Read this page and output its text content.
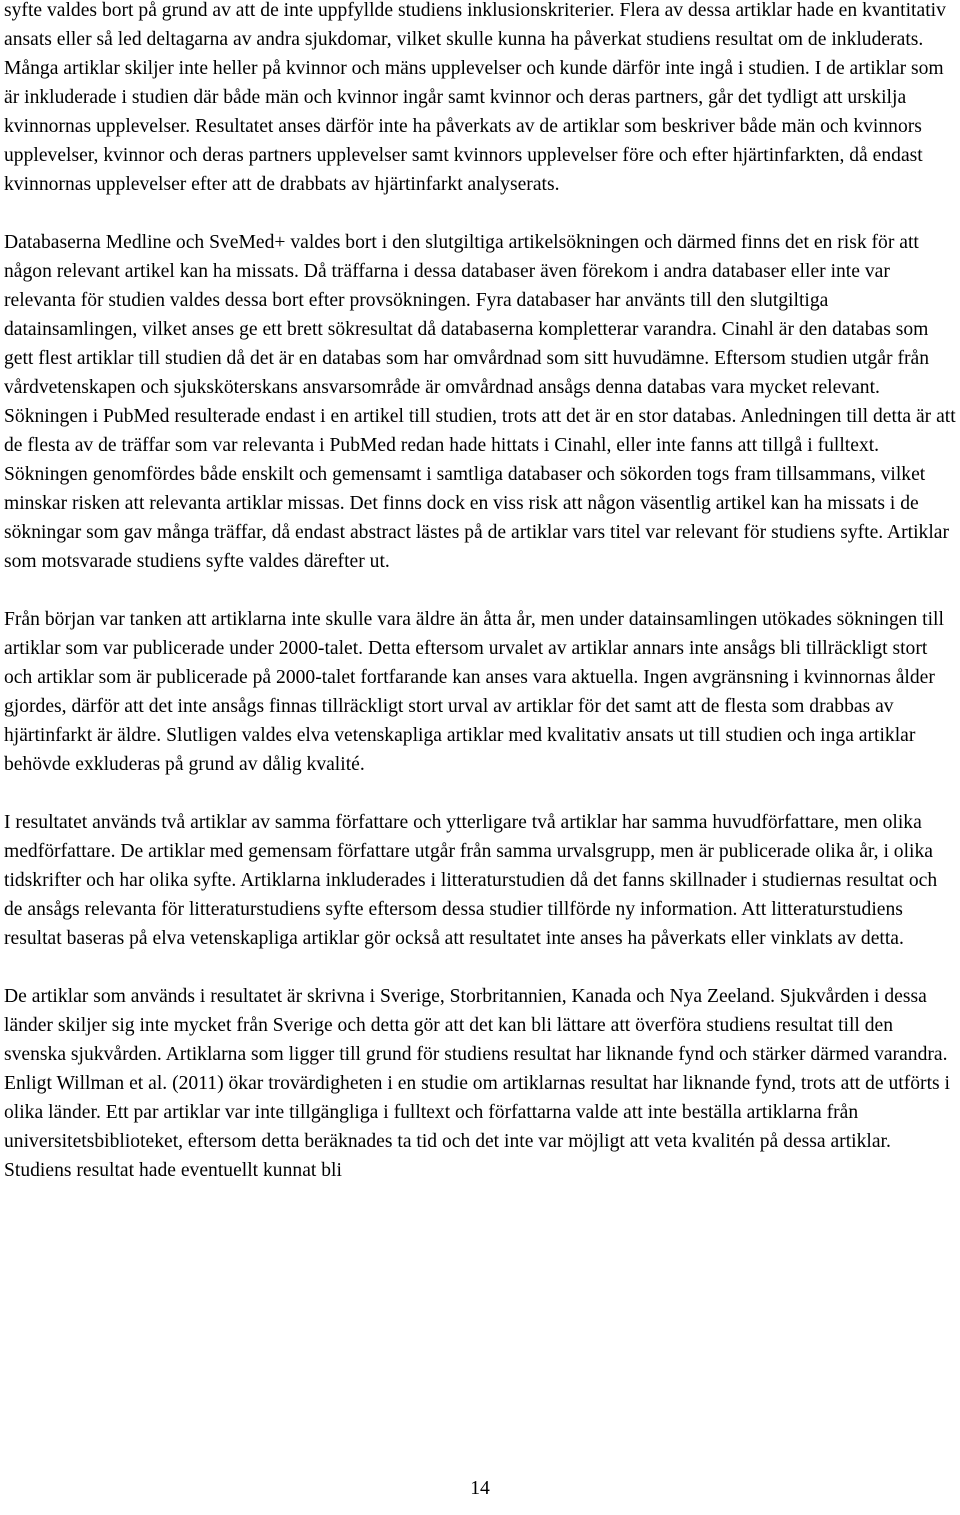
syfte valdes bort på grund av att de inte uppfyllde studiens inklusionskriterier. Flera av dessa artiklar hade en kvantitativ ansats eller så led deltagarna av andra sjukdomar, vilket skulle kunna ha påverkat studiens resultat om de inkluderats. Många artiklar skiljer inte heller på kvinnor och mäns upplevelser och kunde därför inte ingå i studien. I de artiklar som är inkluderade i studien där både män och kvinnor ingår samt kvinnor och deras partners, går det tydligt att urskilja kvinnornas upplevelser. Resultatet anses därför inte ha påverkats av de artiklar som beskriver både män och kvinnors upplevelser, kvinnor och deras partners upplevelser samt kvinnors upplevelser före och efter hjärtinfarkten, då endast kvinnornas upplevelser efter att de drabbats av hjärtinfarkt analyserats.

Databaserna Medline och SveMed+ valdes bort i den slutgiltiga artikelsökningen och därmed finns det en risk för att någon relevant artikel kan ha missats. Då träffarna i dessa databaser även förekom i andra databaser eller inte var relevanta för studien valdes dessa bort efter provsökningen. Fyra databaser har använts till den slutgiltiga datainsamlingen, vilket anses ge ett brett sökresultat då databaserna kompletterar varandra. Cinahl är den databas som gett flest artiklar till studien då det är en databas som har omvårdnad som sitt huvudämne. Eftersom studien utgår från vårdvetenskapen och sjuksköterskans ansvarsområde är omvårdnad ansågs denna databas vara mycket relevant. Sökningen i PubMed resulterade endast i en artikel till studien, trots att det är en stor databas. Anledningen till detta är att de flesta av de träffar som var relevanta i PubMed redan hade hittats i Cinahl, eller inte fanns att tillgå i fulltext. Sökningen genomfördes både enskilt och gemensamt i samtliga databaser och sökorden togs fram tillsammans, vilket minskar risken att relevanta artiklar missas. Det finns dock en viss risk att någon väsentlig artikel kan ha missats i de sökningar som gav många träffar, då endast abstract lästes på de artiklar vars titel var relevant för studiens syfte. Artiklar som motsvarade studiens syfte valdes därefter ut.

Från början var tanken att artiklarna inte skulle vara äldre än åtta år, men under datainsamlingen utökades sökningen till artiklar som var publicerade under 2000-talet. Detta eftersom urvalet av artiklar annars inte ansågs bli tillräckligt stort och artiklar som är publicerade på 2000-talet fortfarande kan anses vara aktuella. Ingen avgränsning i kvinnornas ålder gjordes, därför att det inte ansågs finnas tillräckligt stort urval av artiklar för det samt att de flesta som drabbas av hjärtinfarkt är äldre. Slutligen valdes elva vetenskapliga artiklar med kvalitativ ansats ut till studien och inga artiklar behövde exkluderas på grund av dålig kvalité.

I resultatet används två artiklar av samma författare och ytterligare två artiklar har samma huvudförfattare, men olika medförfattare. De artiklar med gemensam författare utgår från samma urvalsgrupp, men är publicerade olika år, i olika tidskrifter och har olika syfte. Artiklarna inkluderades i litteraturstudien då det fanns skillnader i studiernas resultat och de ansågs relevanta för litteraturstudiens syfte eftersom dessa studier tillförde ny information. Att litteraturstudiens resultat baseras på elva vetenskapliga artiklar gör också att resultatet inte anses ha påverkats eller vinklats av detta.

De artiklar som används i resultatet är skrivna i Sverige, Storbritannien, Kanada och Nya Zeeland. Sjukvården i dessa länder skiljer sig inte mycket från Sverige och detta gör att det kan bli lättare att överföra studiens resultat till den svenska sjukvården. Artiklarna som ligger till grund för studiens resultat har liknande fynd och stärker därmed varandra. Enligt Willman et al. (2011) ökar trovärdigheten i en studie om artiklarnas resultat har liknande fynd, trots att de utförts i olika länder. Ett par artiklar var inte tillgängliga i fulltext och författarna valde att inte beställa artiklarna från universitetsbiblioteket, eftersom detta beräknades ta tid och det inte var möjligt att veta kvalitén på dessa artiklar. Studiens resultat hade eventuellt kunnat bli

14
